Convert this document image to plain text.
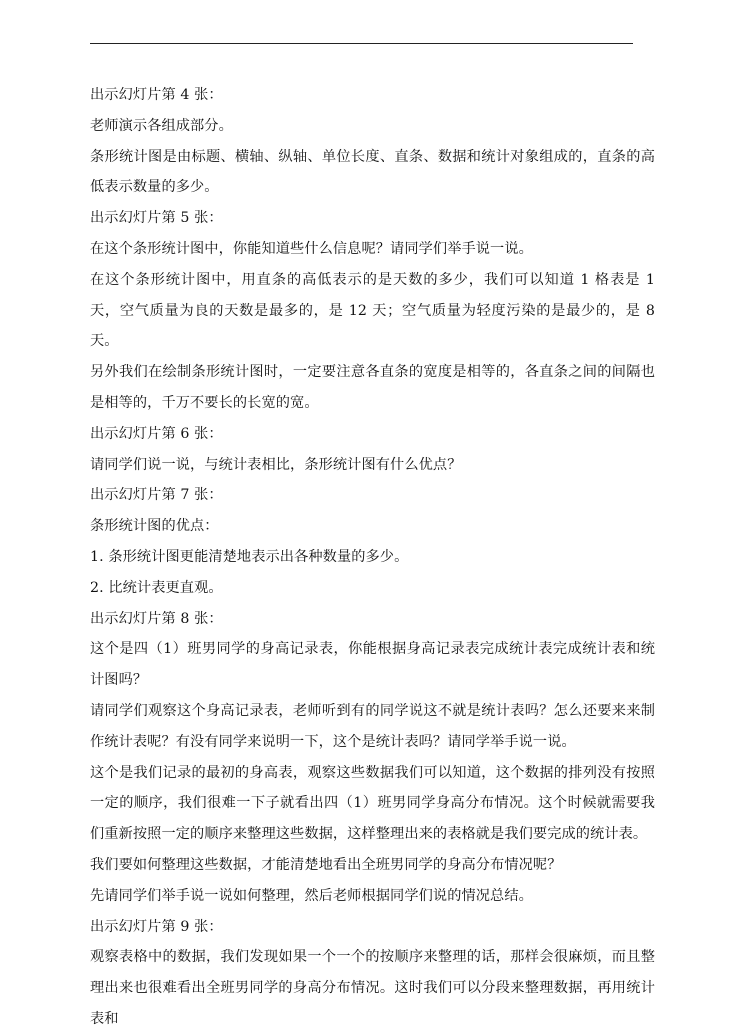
出示幻灯片第 4 张：

老师演示各组成部分。

条形统计图是由标题、横轴、纵轴、单位长度、直条、数据和统计对象组成的，直条的高低表示数量的多少。

出示幻灯片第 5 张：

在这个条形统计图中，你能知道些什么信息呢？请同学们举手说一说。

在这个条形统计图中，用直条的高低表示的是天数的多少，我们可以知道 1 格表是 1 天，空气质量为良的天数是最多的，是 12 天；空气质量为轻度污染的是最少的，是 8 天。

另外我们在绘制条形统计图时，一定要注意各直条的宽度是相等的，各直条之间的间隔也是相等的，千万不要长的长宽的宽。

出示幻灯片第 6 张：

请同学们说一说，与统计表相比，条形统计图有什么优点？

出示幻灯片第 7 张：

条形统计图的优点：

1. 条形统计图更能清楚地表示出各种数量的多少。

2. 比统计表更直观。

出示幻灯片第 8 张：

这个是四（1）班男同学的身高记录表，你能根据身高记录表完成统计表完成统计表和统计图吗？

请同学们观察这个身高记录表，老师听到有的同学说这不就是统计表吗？怎么还要来来制作统计表呢？有没有同学来说明一下，这个是统计表吗？请同学举手说一说。

这个是我们记录的最初的身高表，观察这些数据我们可以知道，这个数据的排列没有按照一定的顺序，我们很难一下子就看出四（1）班男同学身高分布情况。这个时候就需要我们重新按照一定的顺序来整理这些数据，这样整理出来的表格就是我们要完成的统计表。

我们要如何整理这些数据，才能清楚地看出全班男同学的身高分布情况呢？

先请同学们举手说一说如何整理，然后老师根据同学们说的情况总结。

出示幻灯片第 9 张：

观察表格中的数据，我们发现如果一个一个的按顺序来整理的话，那样会很麻烦，而且整理出来也很难看出全班男同学的身高分布情况。这时我们可以分段来整理数据，再用统计表和
